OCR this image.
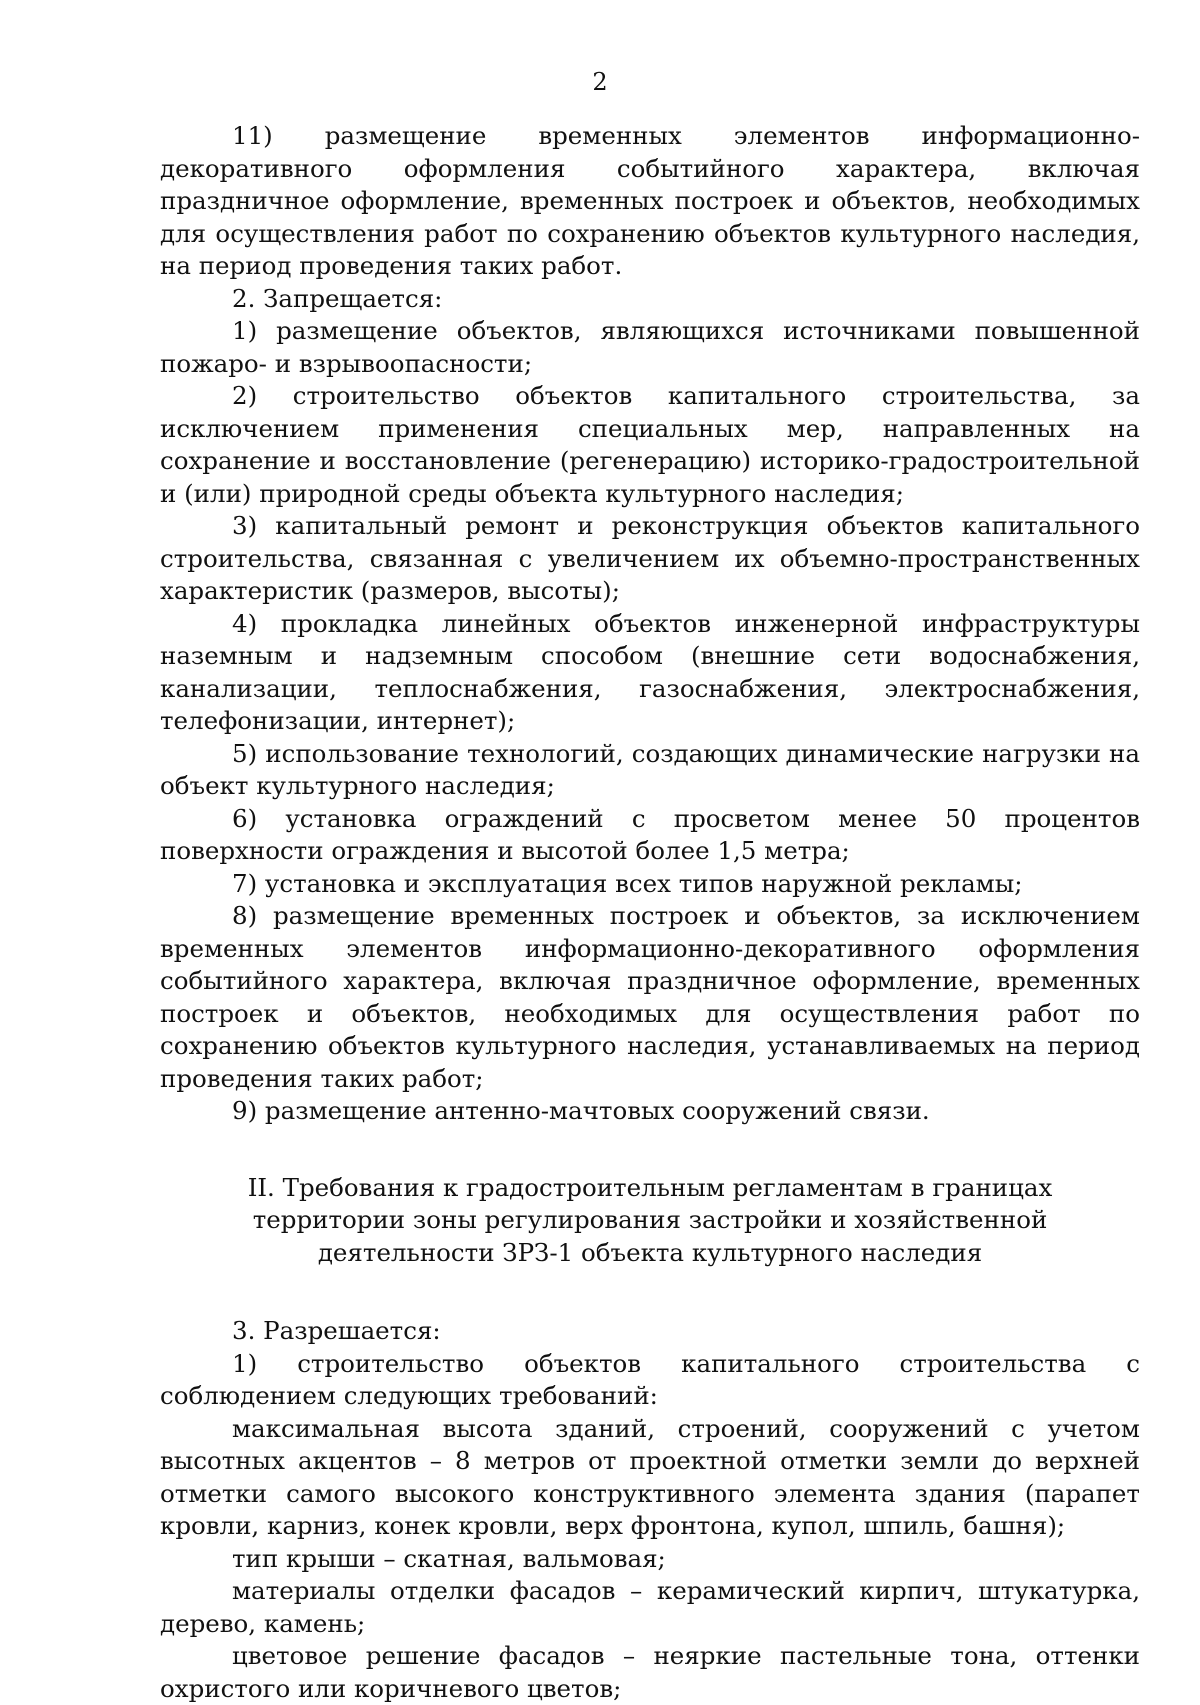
2

11) размещение временных элементов информационно-декоративного оформления событийного характера, включая праздничное оформление, временных построек и объектов, необходимых для осуществления работ по сохранению объектов культурного наследия, на период проведения таких работ.

2. Запрещается:

1) размещение объектов, являющихся источниками повышенной пожаро- и взрывоопасности;

2) строительство объектов капитального строительства, за исключением применения специальных мер, направленных на сохранение и восстановление (регенерацию) историко-градостроительной и (или) природной среды объекта культурного наследия;

3) капитальный ремонт и реконструкция объектов капитального строительства, связанная с увеличением их объемно-пространственных характеристик (размеров, высоты);

4) прокладка линейных объектов инженерной инфраструктуры наземным и надземным способом (внешние сети водоснабжения, канализации, теплоснабжения, газоснабжения, электроснабжения, телефонизации, интернет);

5) использование технологий, создающих динамические нагрузки на объект культурного наследия;

6) установка ограждений с просветом менее 50 процентов поверхности ограждения и высотой более 1,5 метра;

7) установка и эксплуатация всех типов наружной рекламы;

8) размещение временных построек и объектов, за исключением временных элементов информационно-декоративного оформления событийного характера, включая праздничное оформление, временных построек и объектов, необходимых для осуществления работ по сохранению объектов культурного наследия, устанавливаемых на период проведения таких работ;

9) размещение антенно-мачтовых сооружений связи.

II. Требования к градостроительным регламентам в границах территории зоны регулирования застройки и хозяйственной деятельности ЗРЗ-1 объекта культурного наследия

3. Разрешается:

1) строительство объектов капитального строительства с соблюдением следующих требований:

максимальная высота зданий, строений, сооружений с учетом высотных акцентов – 8 метров от проектной отметки земли до верхней отметки самого высокого конструктивного элемента здания (парапет кровли, карниз, конек кровли, верх фронтона, купол, шпиль, башня);

тип крыши – скатная, вальмовая;

материалы отделки фасадов – керамический кирпич, штукатурка, дерево, камень;

цветовое решение фасадов – неяркие пастельные тона, оттенки охристого или коричневого цветов;
